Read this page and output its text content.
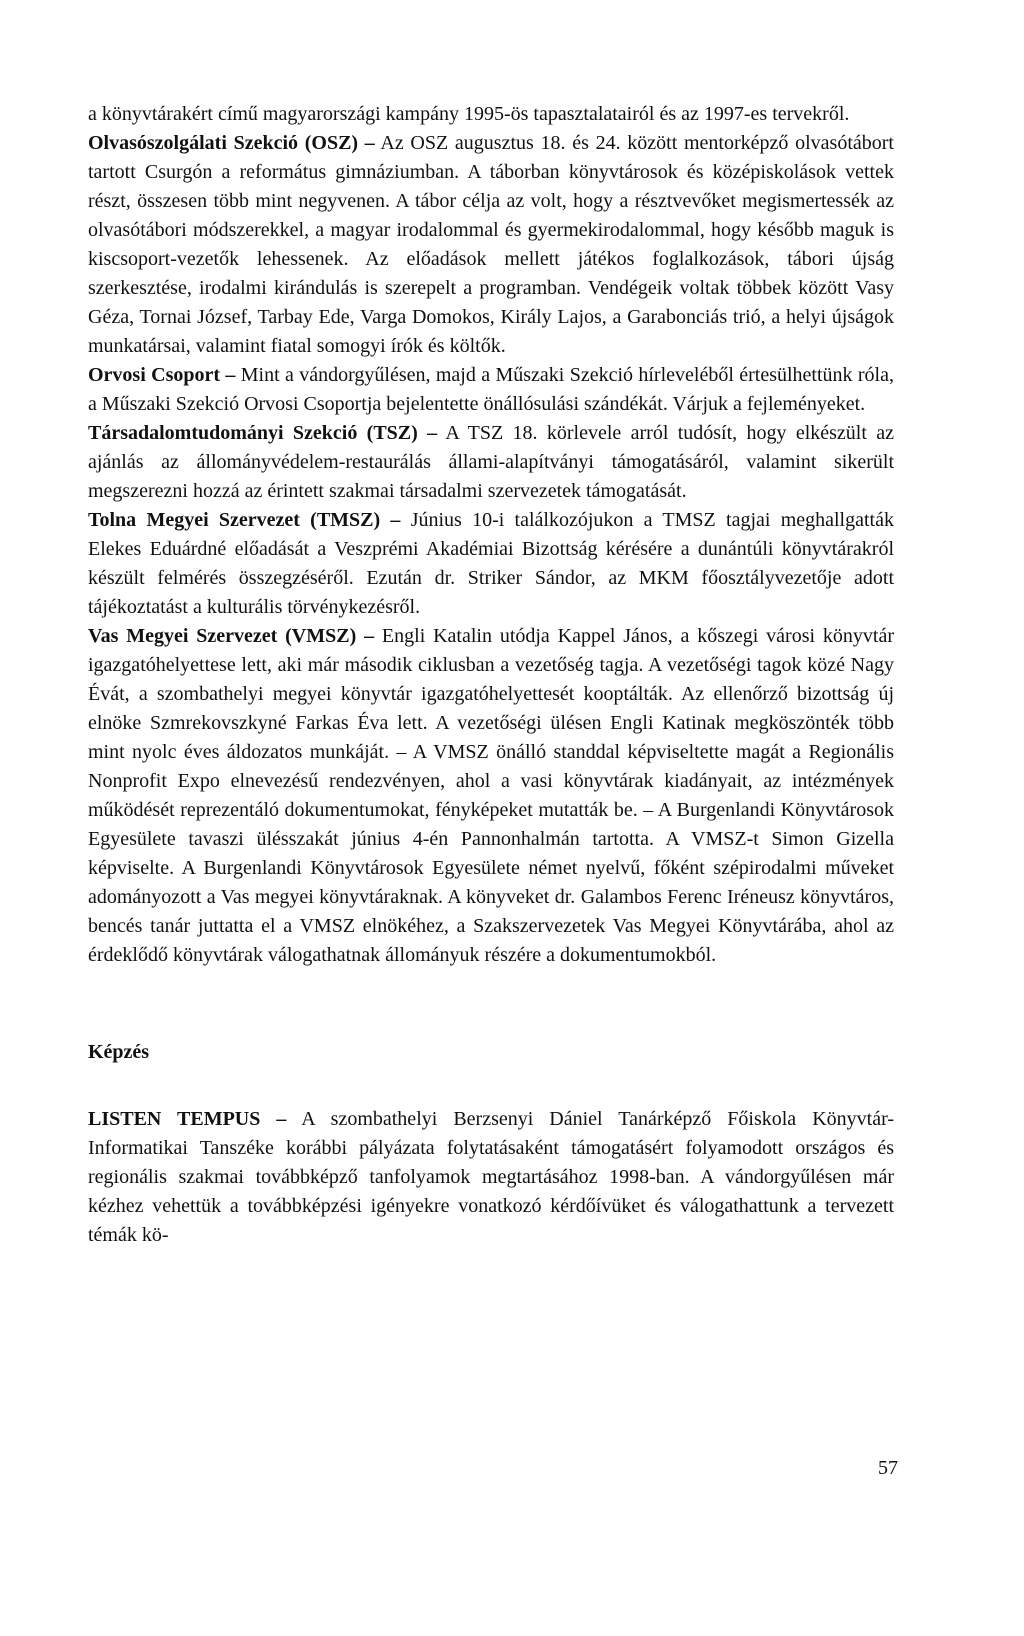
a könyvtárakért című magyarországi kampány 1995-ös tapasztalatairól és az 1997-es tervekről.

Olvasószolgálati Szekció (OSZ) – Az OSZ augusztus 18. és 24. között mentorképző olvasótábort tartott Csurgón a református gimnáziumban. A táborban könyvtárosok és középiskolások vettek részt, összesen több mint negyvenen. A tábor célja az volt, hogy a résztvevőket megismertessék az olvasótábori módszerekkel, a magyar irodalommal és gyermekirodalommal, hogy később maguk is kiscsoport-vezetők lehessenek. Az előadások mellett játékos foglalkozások, tábori újság szerkesztése, irodalmi kirándulás is szerepelt a programban. Vendégeik voltak többek között Vasy Géza, Tornai József, Tarbay Ede, Varga Domokos, Király Lajos, a Garabonciás trió, a helyi újságok munkatársai, valamint fiatal somogyi írók és költők.

Orvosi Csoport – Mint a vándorgyűlésen, majd a Műszaki Szekció hírleveléből értesülhettünk róla, a Műszaki Szekció Orvosi Csoportja bejelentette önállósulási szándékát. Várjuk a fejleményeket.

Társadalomtudományi Szekció (TSZ) – A TSZ 18. körlevele arról tudósít, hogy elkészült az ajánlás az állományvédelem-restaurálás állami-alapítványi támogatásáról, valamint sikerült megszerezni hozzá az érintett szakmai társadalmi szervezetek támogatását.

Tolna Megyei Szervezet (TMSZ) – Június 10-i találkozójukon a TMSZ tagjai meghallgatták Elekes Eduárdné előadását a Veszprémi Akadémiai Bizottság kérésére a dunántúli könyvtárakról készült felmérés összegzéséről. Ezután dr. Striker Sándor, az MKM főosztályvezetője adott tájékoztatást a kulturális törvénykezésről.

Vas Megyei Szervezet (VMSZ) – Engli Katalin utódja Kappel János, a kőszegi városi könyvtár igazgatóhelyettese lett, aki már második ciklusban a vezetőség tagja. A vezetőségi tagok közé Nagy Évát, a szombathelyi megyei könyvtár igazgatóhelyettesét kooptálták. Az ellenőrző bizottság új elnöke Szmrekovszkyné Farkas Éva lett. A vezetőségi ülésen Engli Katinak megköszönték több mint nyolc éves áldozatos munkáját. – A VMSZ önálló standdal képviseltette magát a Regionális Nonprofit Expo elnevezésű rendezvényen, ahol a vasi könyvtárak kiadányait, az intézmények működését reprezentáló dokumentumokat, fényképeket mutatták be. – A Burgenlandi Könyvtárosok Egyesülete tavaszi ülésszakát június 4-én Pannonhalmán tartotta. A VMSZ-t Simon Gizella képviselte. A Burgenlandi Könyvtárosok Egyesülete német nyelvű, főként szépirodalmi műveket adományozott a Vas megyei könyvtáraknak. A könyveket dr. Galambos Ferenc Iréneusz könyvtáros, bencés tanár juttatta el a VMSZ elnökéhez, a Szakszervezetek Vas Megyei Könyvtárába, ahol az érdeklődő könyvtárak válogathatnak állományuk részére a dokumentumokból.

Képzés

LISTEN TEMPUS – A szombathelyi Berzsenyi Dániel Tanárképző Főiskola Könyvtár-Informatikai Tanszéke korábbi pályázata folytatásaként támogatásért folyamodott országos és regionális szakmai továbbképző tanfolyamok megtartásához 1998-ban. A vándorgyűlésen már kézhez vehettük a továbbképzési igényekre vonatkozó kérdőívüket és válogathattunk a tervezett témák kö-

57
